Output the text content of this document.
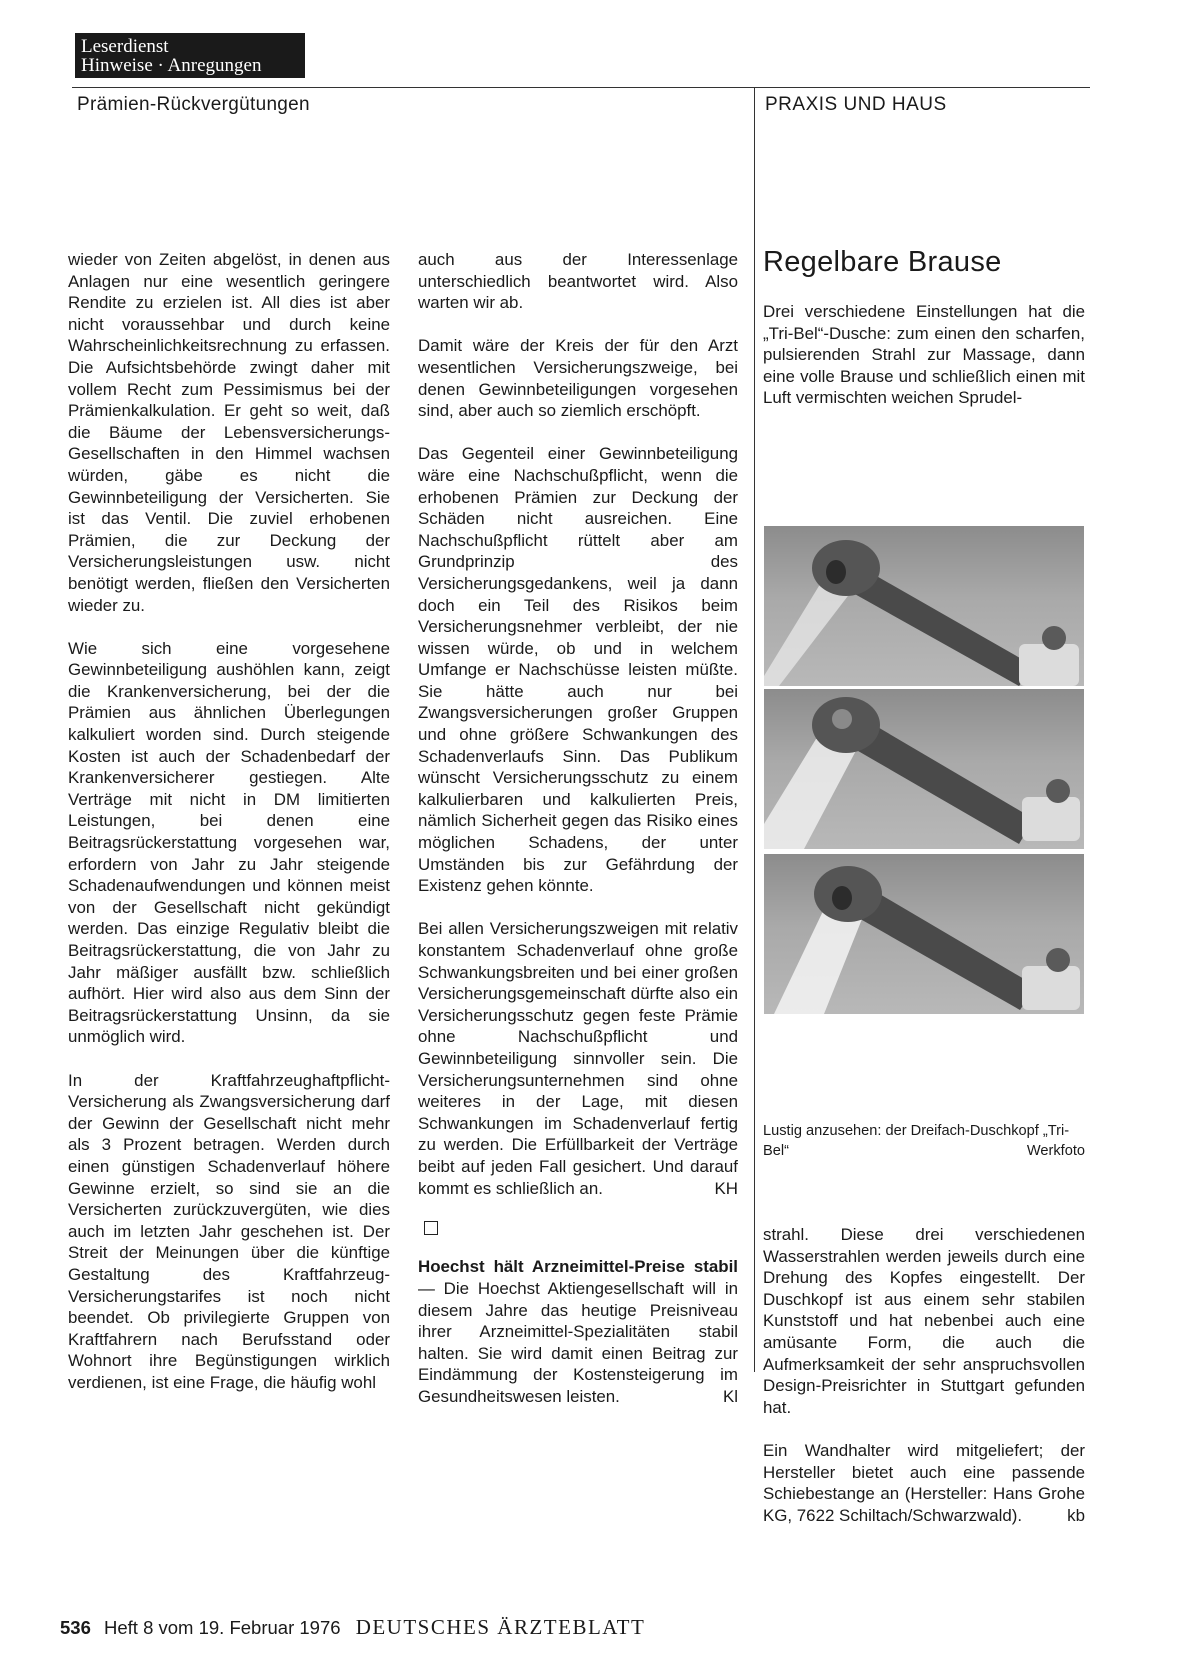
Leserdienst
Hinweise · Anregungen
Prämien-Rückvergütungen	PRAXIS UND HAUS

wieder von Zeiten abgelöst, in denen aus Anlagen nur eine wesentlich geringere Rendite zu erzielen ist. All dies ist aber nicht voraussehbar und durch keine Wahrscheinlichkeitsrechnung zu erfassen. Die Aufsichtsbehörde zwingt daher mit vollem Recht zum Pessimismus bei der Prämienkalkulation. Er geht so weit, daß die Bäume der Lebensversicherungs-Gesellschaften in den Himmel wachsen würden, gäbe es nicht die Gewinnbeteiligung der Versicherten. Sie ist das Ventil. Die zuviel erhobenen Prämien, die zur Deckung der Versicherungsleistungen usw. nicht benötigt werden, fließen den Versicherten wieder zu.

Wie sich eine vorgesehene Gewinnbeteiligung aushöhlen kann, zeigt die Krankenversicherung, bei der die Prämien aus ähnlichen Überlegungen kalkuliert worden sind. Durch steigende Kosten ist auch der Schadenbedarf der Krankenversicherer gestiegen. Alte Verträge mit nicht in DM limitierten Leistungen, bei denen eine Beitragsrückerstattung vorgesehen war, erfordern von Jahr zu Jahr steigende Schadenaufwendungen und können meist von der Gesellschaft nicht gekündigt werden. Das einzige Regulativ bleibt die Beitragsrückerstattung, die von Jahr zu Jahr mäßiger ausfällt bzw. schließlich aufhört. Hier wird also aus dem Sinn der Beitragsrückerstattung Unsinn, da sie unmöglich wird.

In der Kraftfahrzeughaftpflicht-Versicherung als Zwangsversicherung darf der Gewinn der Gesellschaft nicht mehr als 3 Prozent betragen. Werden durch einen günstigen Schadenverlauf höhere Gewinne erzielt, so sind sie an die Versicherten zurückzuvergüten, wie dies auch im letzten Jahr geschehen ist. Der Streit der Meinungen über die künftige Gestaltung des Kraftfahrzeug-Versicherungstarifes ist noch nicht beendet. Ob privilegierte Gruppen von Kraftfahrern nach Berufsstand oder Wohnort ihre Begünstigungen wirklich verdienen, ist eine Frage, die häufig wohl

auch aus der Interessenlage unterschiedlich beantwortet wird. Also warten wir ab.

Damit wäre der Kreis der für den Arzt wesentlichen Versicherungszweige, bei denen Gewinnbeteiligungen vorgesehen sind, aber auch so ziemlich erschöpft.

Das Gegenteil einer Gewinnbeteiligung wäre eine Nachschußpflicht, wenn die erhobenen Prämien zur Deckung der Schäden nicht ausreichen. Eine Nachschußpflicht rüttelt aber am Grundprinzip des Versicherungsgedankens, weil ja dann doch ein Teil des Risikos beim Versicherungsnehmer verbleibt, der nie wissen würde, ob und in welchem Umfange er Nachschüsse leisten müßte. Sie hätte auch nur bei Zwangsversicherungen großer Gruppen und ohne größere Schwankungen des Schadenverlaufs Sinn. Das Publikum wünscht Versicherungsschutz zu einem kalkulierbaren und kalkulierten Preis, nämlich Sicherheit gegen das Risiko eines möglichen Schadens, der unter Umständen bis zur Gefährdung der Existenz gehen könnte.

Bei allen Versicherungszweigen mit relativ konstantem Schadenverlauf ohne große Schwankungsbreiten und bei einer großen Versicherungsgemeinschaft dürfte also ein Versicherungsschutz gegen feste Prämie ohne Nachschußpflicht und Gewinnbeteiligung sinnvoller sein. Die Versicherungsunternehmen sind ohne weiteres in der Lage, mit diesen Schwankungen im Schadenverlauf fertig zu werden. Die Erfüllbarkeit der Verträge beibt auf jeden Fall gesichert. Und darauf kommt es schließlich an.	KH

Hoechst hält Arzneimittel-Preise stabil — Die Hoechst Aktiengesellschaft will in diesem Jahre das heutige Preisniveau ihrer Arzneimittel-Spezialitäten stabil halten. Sie wird damit einen Beitrag zur Eindämmung der Kostensteigerung im Gesundheitswesen leisten.	Kl

Regelbare Brause

Drei verschiedene Einstellungen hat die „Tri-Bel“-Dusche: zum einen den scharfen, pulsierenden Strahl zur Massage, dann eine volle Brause und schließlich einen mit Luft vermischten weichen Sprudel-

Lustig anzusehen: der Dreifach-Duschkopf „Tri-Bel“	Werkfoto

strahl. Diese drei verschiedenen Wasserstrahlen werden jeweils durch eine Drehung des Kopfes eingestellt. Der Duschkopf ist aus einem sehr stabilen Kunststoff und hat nebenbei auch eine amüsante Form, die auch die Aufmerksamkeit der sehr anspruchsvollen Design-Preisrichter in Stuttgart gefunden hat.

Ein Wandhalter wird mitgeliefert; der Hersteller bietet auch eine passende Schiebestange an (Hersteller: Hans Grohe KG, 7622 Schiltach/Schwarzwald).	kb

536 Heft 8 vom 19. Februar 1976 DEUTSCHES ÄRZTEBLATT
